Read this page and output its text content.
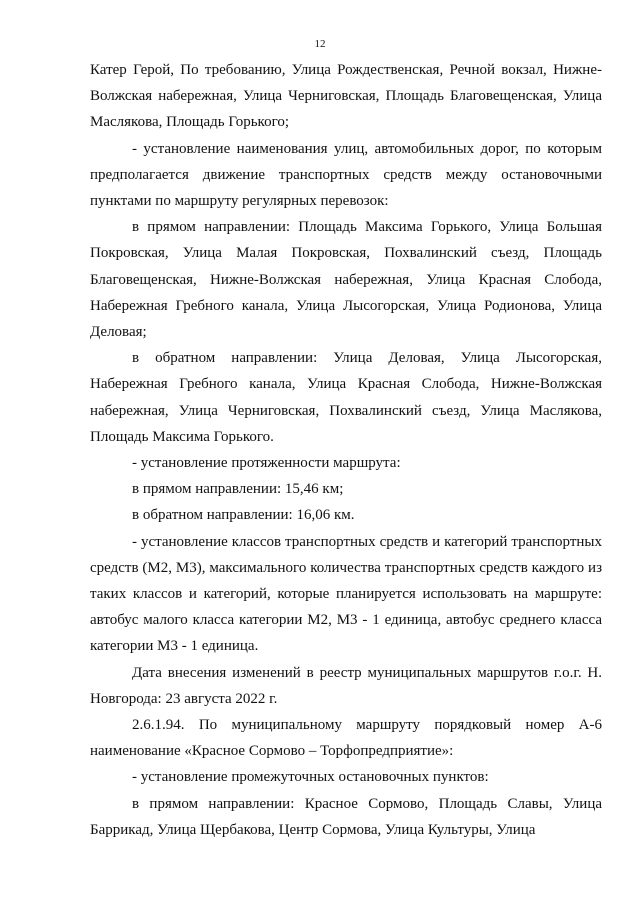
12

Катер Герой, По требованию, Улица Рождественская, Речной вокзал, Нижне-Волжская набережная, Улица Черниговская, Площадь Благовещенская, Улица Маслякова, Площадь Горького;

- установление наименования улиц, автомобильных дорог, по которым предполагается движение транспортных средств между остановочными пунктами по маршруту регулярных перевозок:

в прямом направлении: Площадь Максима Горького, Улица Большая Покровская, Улица Малая Покровская, Похвалинский съезд, Площадь Благовещенская, Нижне-Волжская набережная, Улица Красная Слобода, Набережная Гребного канала, Улица Лысогорская, Улица Родионова, Улица Деловая;

в обратном направлении: Улица Деловая, Улица Лысогорская, Набережная Гребного канала, Улица Красная Слобода, Нижне-Волжская набережная, Улица Черниговская, Похвалинский съезд, Улица Маслякова, Площадь Максима Горького.

- установление протяженности маршрута:

в прямом направлении: 15,46 км;

в обратном направлении: 16,06 км.

- установление классов транспортных средств и категорий транспортных средств (М2, М3), максимального количества транспортных средств каждого из таких классов и категорий, которые планируется использовать на маршруте: автобус малого класса категории М2, М3 - 1 единица, автобус среднего класса категории М3 - 1 единица.

Дата внесения изменений в реестр муниципальных маршрутов г.о.г. Н. Новгорода: 23 августа 2022 г.

2.6.1.94. По муниципальному маршруту порядковый номер А-6 наименование «Красное Сормово – Торфопредприятие»:

- установление промежуточных остановочных пунктов:

в прямом направлении: Красное Сормово, Площадь Славы, Улица Баррикад, Улица Щербакова, Центр Сормова, Улица Культуры, Улица
